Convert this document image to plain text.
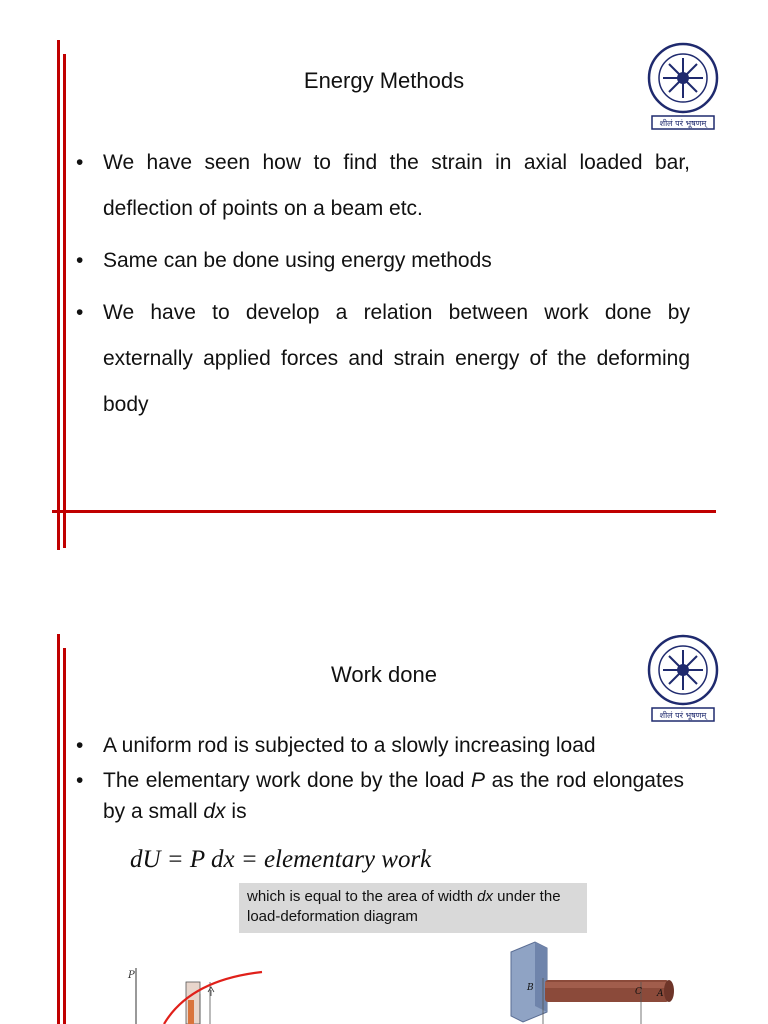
Energy Methods
शीलं परं भूषणम्
• We have seen how to find the strain in axial loaded bar, deflection of points on a beam etc.
• Same can be done using energy methods
• We have to develop a relation between work done by externally applied forces and strain energy of the deforming body
Work done
शीलं परं भूषणम्
• A uniform rod is subjected to a slowly increasing load
• The elementary work done by the load P as the rod elongates by a small dx is
dU = P dx = elementary work
which is equal to the area of width dx under the load-deformation diagram
P
B	C A
